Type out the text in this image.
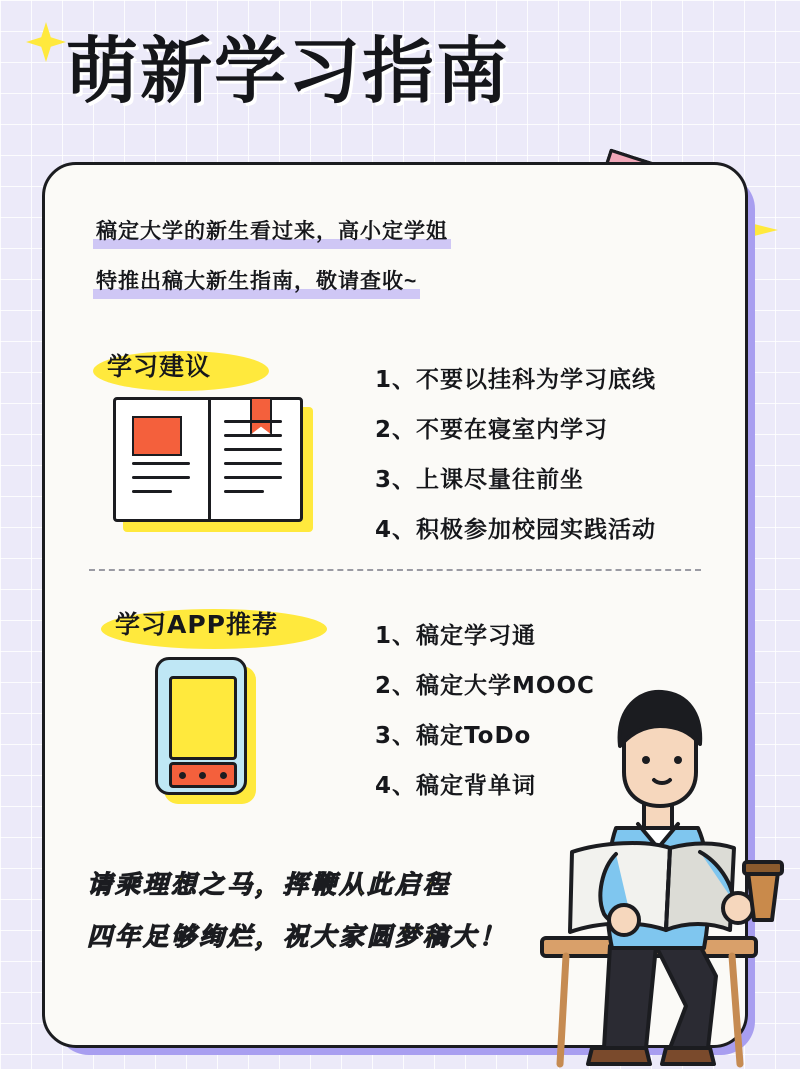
萌新学习指南
稿定大学的新生看过来，高小定学姐
特推出稿大新生指南，敬请查收~
学习建议	1、不要以挂科为学习底线
2、不要在寝室内学习
3、上课尽量往前坐
4、积极参加校园实践活动
学习APP推荐	1、稿定学习通
2、稿定大学MOOC
3、稿定ToDo
4、稿定背单词
请乘理想之马，挥鞭从此启程
四年足够绚烂，祝大家圆梦稿大！
